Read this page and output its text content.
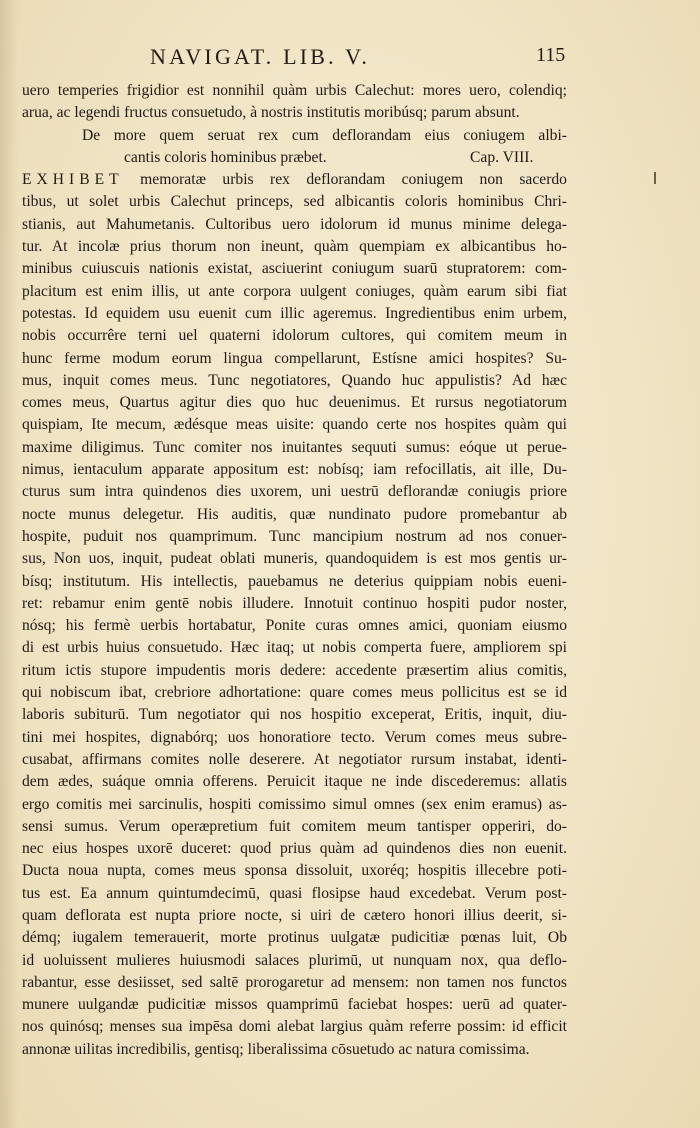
NAVIGAT. LIB. V.	115
uero temperies frigidior est nonnihil quàm urbis Calechut: mores uero, colendiq;
arua, ac legendi fructus consuetudo, à nostris institutis moribúsq; parum absunt.
De more quem seruat rex cum deflorandam eius coniugem albi-
cantis coloris hominibus præbet.	Cap. VIII.
EXHIBET memoratæ urbis rex deflorandam coniugem non sacerdo
tibus, ut solet urbis Calechut princeps, sed albicantis coloris hominibus Chri-
stianis, aut Mahumetanis. Cultoribus uero idolorum id munus minime delega-
tur. At incolæ prius thorum non ineunt, quàm quempiam ex albicantibus ho-
minibus cuiuscuis nationis existat, asciuerint coniugum suarū stupratorem: com-
placitum est enim illis, ut ante corpora uulgent coniuges, quàm earum sibi fiat
potestas. Id equidem usu euenit cum illic ageremus. Ingredientibus enim urbem,
nobis occurrêre terni uel quaterni idolorum cultores, qui comitem meum in
hunc ferme modum eorum lingua compellarunt, Estísne amici hospites? Su-
mus, inquit comes meus. Tunc negotiatores, Quando huc appulistis? Ad hæc
comes meus, Quartus agitur dies quo huc deuenimus. Et rursus negotiatorum
quispiam, Ite mecum, ædésque meas uisite: quando certe nos hospites quàm qui
maxime diligimus. Tunc comiter nos inuitantes sequuti sumus: eóque ut perue-
nimus, ientaculum apparate appositum est: nobísq; iam refocillatis, ait ille, Du-
cturus sum intra quindenos dies uxorem, uni uestrū deflorandæ coniugis priore
nocte munus delegetur. His auditis, quæ nundinato pudore promebantur ab
hospite, puduit nos quamprimum. Tunc mancipium nostrum ad nos conuer-
sus, Non uos, inquit, pudeat oblati muneris, quandoquidem is est mos gentis ur-
bísq; institutum. His intellectis, pauebamus ne deterius quippiam nobis eueni-
ret: rebamur enim gentē nobis illudere. Innotuit continuo hospiti pudor noster,
nósq; his fermè uerbis hortabatur, Ponite curas omnes amici, quoniam eiusmo
di est urbis huius consuetudo. Hæc itaq; ut nobis comperta fuere, ampliorem spi
ritum ictis stupore impudentis moris dedere: accedente præsertim alius comitis,
qui nobiscum ibat, crebriore adhortatione: quare comes meus pollicitus est se id
laboris subiturū. Tum negotiator qui nos hospitio exceperat, Eritis, inquit, diu-
tini mei hospites, dignabórq; uos honoratiore tecto. Verum comes meus subre-
cusabat, affirmans comites nolle deserere. At negotiator rursum instabat, identi-
dem ædes, suáque omnia offerens. Peruicit itaque ne inde discederemus: allatis
ergo comitis mei sarcinulis, hospiti comissimo simul omnes (sex enim eramus) as-
sensi sumus. Verum operæpretium fuit comitem meum tantisper opperiri, do-
nec eius hospes uxorē duceret: quod prius quàm ad quindenos dies non euenit.
Ducta noua nupta, comes meus sponsa dissoluit, uxoréq; hospitis illecebre poti-
tus est. Ea annum quintumdecimū, quasi flosipse haud excedebat. Verum post-
quam deflorata est nupta priore nocte, si uiri de cætero honori illius deerit, si-
démq; iugalem temerauerit, morte protinus uulgatæ pudicitiæ pœnas luit, Ob
id uoluissent mulieres huiusmodi salaces plurimū, ut nunquam nox, qua deflo-
rabantur, esse desiisset, sed saltē prorogaretur ad mensem: non tamen nos functos
munere uulgandæ pudicitiæ missos quamprimū faciebat hospes: uerū ad quater-
nos quinósq; menses sua impēsa domi alebat largius quàm referre possim: id efficit
annonæ uilitas incredibilis, gentisq; liberalissima cōsuetudo ac natura comissima.
